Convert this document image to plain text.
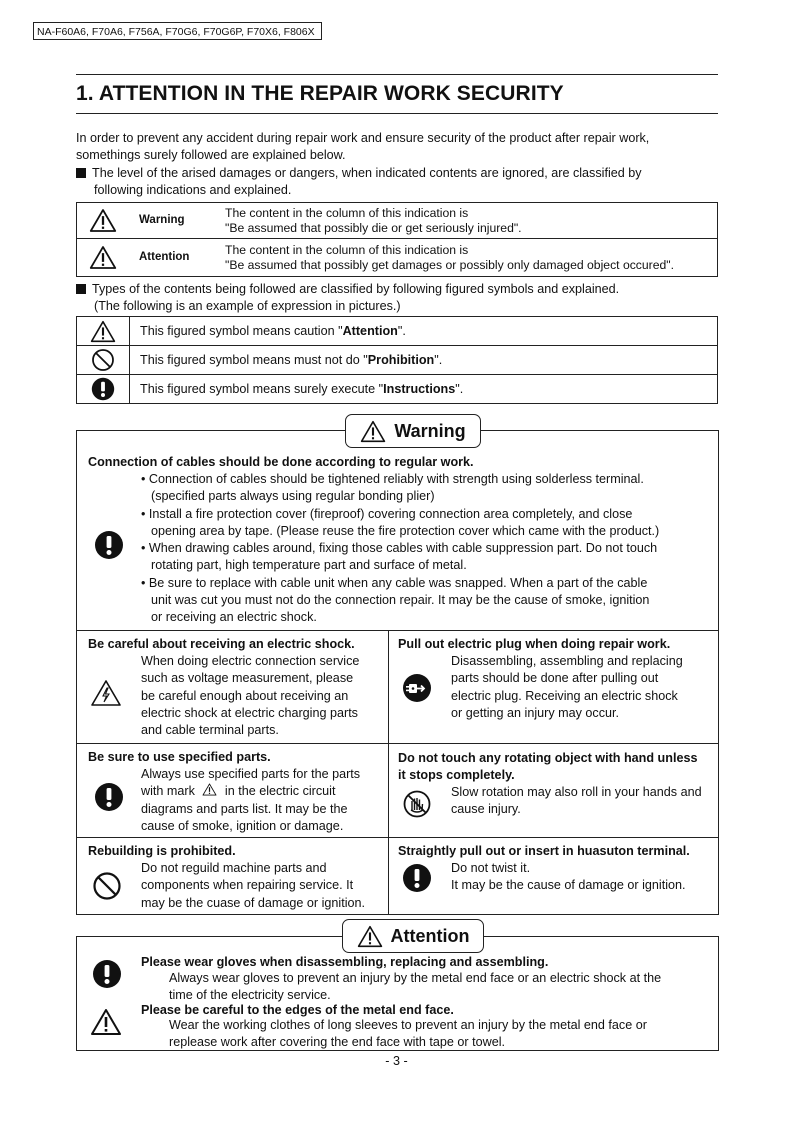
NA-F60A6, F70A6, F756A, F70G6, F70G6P, F70X6, F806X
1. ATTENTION IN THE REPAIR WORK SECURITY
In order to prevent any accident during repair work and ensure security of the product after repair work,
somethings surely followed are explained below.
The level of the arised damages or dangers, when indicated contents are ignored, are classified by
following indications and explained.
	Warning	The content in the column of this indication is
"Be assumed that possibly die or get seriously injured".

	Attention	The content in the column of this indication is
"Be assumed that possibly get damages or possibly only damaged object occured".
Types of the contents being followed are classified by following figured symbols and explained.
(The following is an example of expression in pictures.)
	This figured symbol means caution "Attention".
	This figured symbol means must not do "Prohibition".
	This figured symbol means surely execute "Instructions".
Connection of cables should be done according to regular work.
• Connection of cables should be tightened reliably with strength using solderless terminal.
(specified parts always using regular bonding plier)
• Install a fire protection cover (fireproof) covering connection area completely, and close
opening area by tape. (Please reuse the fire protection cover which came with the product.)
• When drawing cables around, fixing those cables with cable suppression part. Do not touch
rotating part, high temperature part and surface of metal.
• Be sure to replace with cable unit when any cable was snapped. When a part of the cable
unit was cut you must not do the connection repair. It may be the cause of smoke, ignition
or receiving an electric shock.
Be careful about receiving an electric shock.
When doing electric connection service
such as voltage measurement, please
be careful enough about receiving an
electric shock at electric charging parts
and cable terminal parts.
Pull out electric plug when doing repair work.
Disassembling, assembling and replacing
parts should be done after pulling out
electric plug. Receiving an electric shock
or getting an injury may occur.
Be sure to use specified parts.
Always use specified parts for the parts
with mark in the electric circuit
diagrams and parts list. It may be the
cause of smoke, ignition or damage.
Do not touch any rotating object with hand unless
it stops completely.
Slow rotation may also roll in your hands and
cause injury.
Rebuilding is prohibited.
Do not reguild machine parts and
components when repairing service. It
may be the cuase of damage or ignition.
Straightly pull out or insert in huasuton terminal.
Do not twist it.
It may be the cause of damage or ignition.
Warning
Please wear gloves when disassembling, replacing and assembling.
Always wear gloves to prevent an injury by the metal end face or an electric shock at the
time of the electricity service.
Please be careful to the edges of the metal end face.
Wear the working clothes of long sleeves to prevent an injury by the metal end face or
replease work after covering the end face with tape or towel.
Attention
- 3 -
